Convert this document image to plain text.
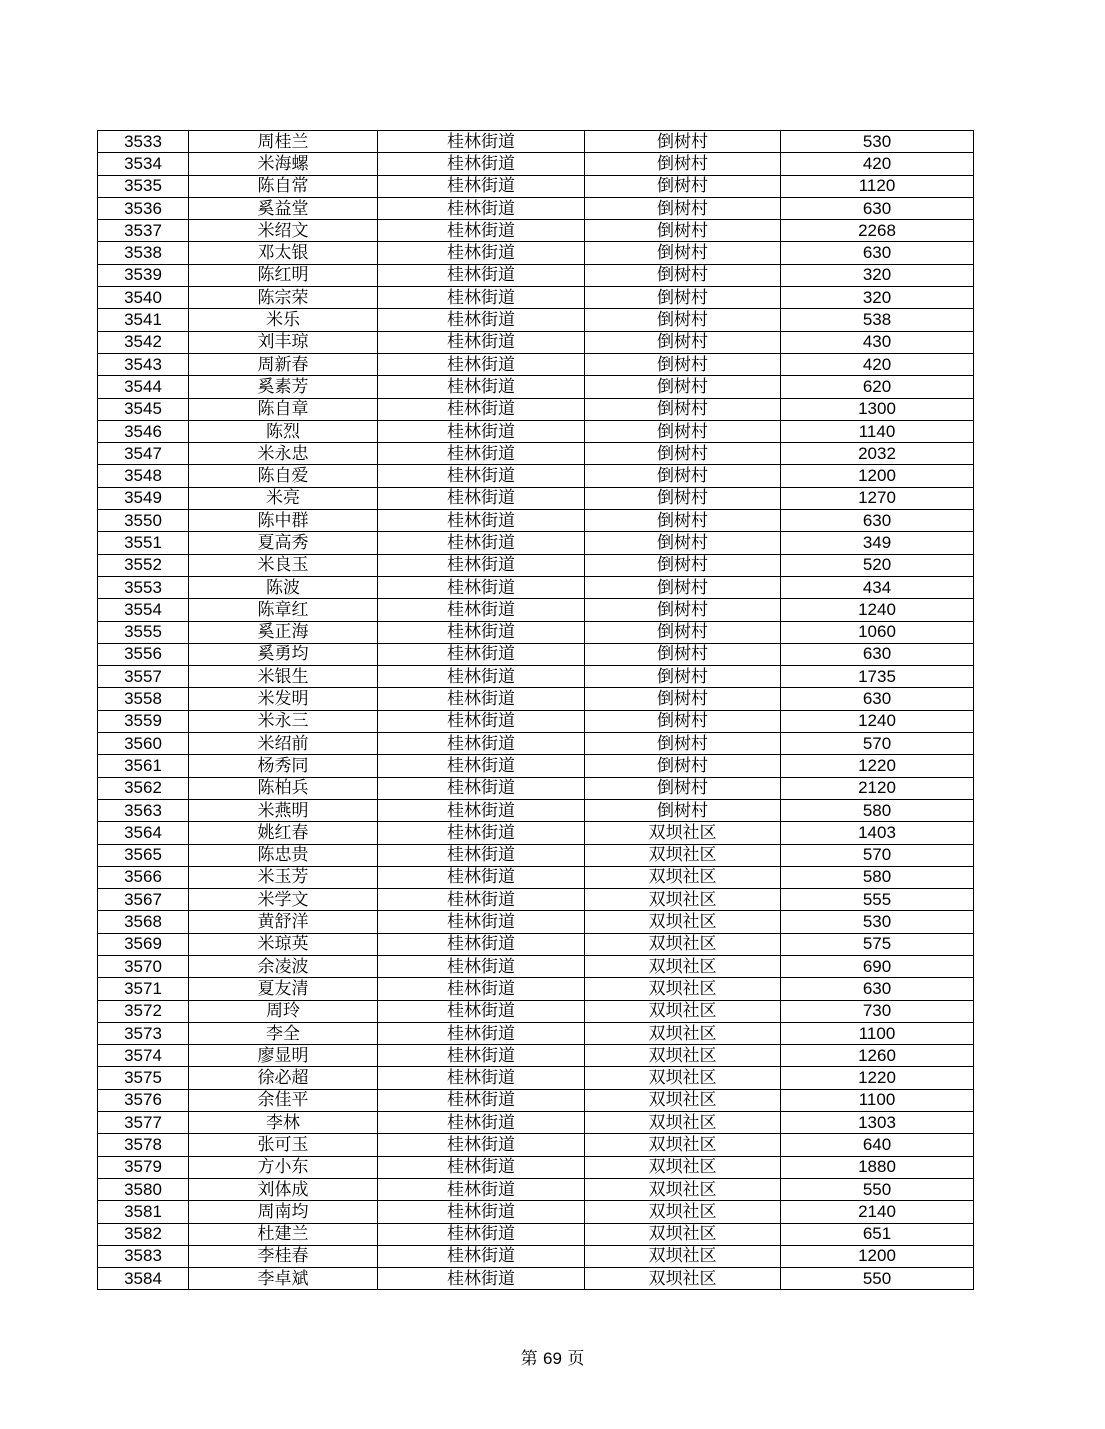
3533	周桂兰	桂林街道	倒树村	530
3534	米海螺	桂林街道	倒树村	420
3535	陈自常	桂林街道	倒树村	1120
3536	奚益堂	桂林街道	倒树村	630
3537	米绍文	桂林街道	倒树村	2268
3538	邓太银	桂林街道	倒树村	630
3539	陈红明	桂林街道	倒树村	320
3540	陈宗荣	桂林街道	倒树村	320
3541	米乐	桂林街道	倒树村	538
3542	刘丰琼	桂林街道	倒树村	430
3543	周新春	桂林街道	倒树村	420
3544	奚素芳	桂林街道	倒树村	620
3545	陈自章	桂林街道	倒树村	1300
3546	陈烈	桂林街道	倒树村	1140
3547	米永忠	桂林街道	倒树村	2032
3548	陈自爱	桂林街道	倒树村	1200
3549	米亮	桂林街道	倒树村	1270
3550	陈中群	桂林街道	倒树村	630
3551	夏高秀	桂林街道	倒树村	349
3552	米良玉	桂林街道	倒树村	520
3553	陈波	桂林街道	倒树村	434
3554	陈章红	桂林街道	倒树村	1240
3555	奚正海	桂林街道	倒树村	1060
3556	奚勇均	桂林街道	倒树村	630
3557	米银生	桂林街道	倒树村	1735
3558	米发明	桂林街道	倒树村	630
3559	米永三	桂林街道	倒树村	1240
3560	米绍前	桂林街道	倒树村	570
3561	杨秀同	桂林街道	倒树村	1220
3562	陈柏兵	桂林街道	倒树村	2120
3563	米燕明	桂林街道	倒树村	580
3564	姚红春	桂林街道	双坝社区	1403
3565	陈忠贵	桂林街道	双坝社区	570
3566	米玉芳	桂林街道	双坝社区	580
3567	米学文	桂林街道	双坝社区	555
3568	黄舒洋	桂林街道	双坝社区	530
3569	米琼英	桂林街道	双坝社区	575
3570	余凌波	桂林街道	双坝社区	690
3571	夏友清	桂林街道	双坝社区	630
3572	周玲	桂林街道	双坝社区	730
3573	李全	桂林街道	双坝社区	1100
3574	廖显明	桂林街道	双坝社区	1260
3575	徐必超	桂林街道	双坝社区	1220
3576	余佳平	桂林街道	双坝社区	1100
3577	李林	桂林街道	双坝社区	1303
3578	张可玉	桂林街道	双坝社区	640
3579	方小东	桂林街道	双坝社区	1880
3580	刘体成	桂林街道	双坝社区	550
3581	周南均	桂林街道	双坝社区	2140
3582	杜建兰	桂林街道	双坝社区	651
3583	李桂春	桂林街道	双坝社区	1200
3584	李卓斌	桂林街道	双坝社区	550
第 69 页
